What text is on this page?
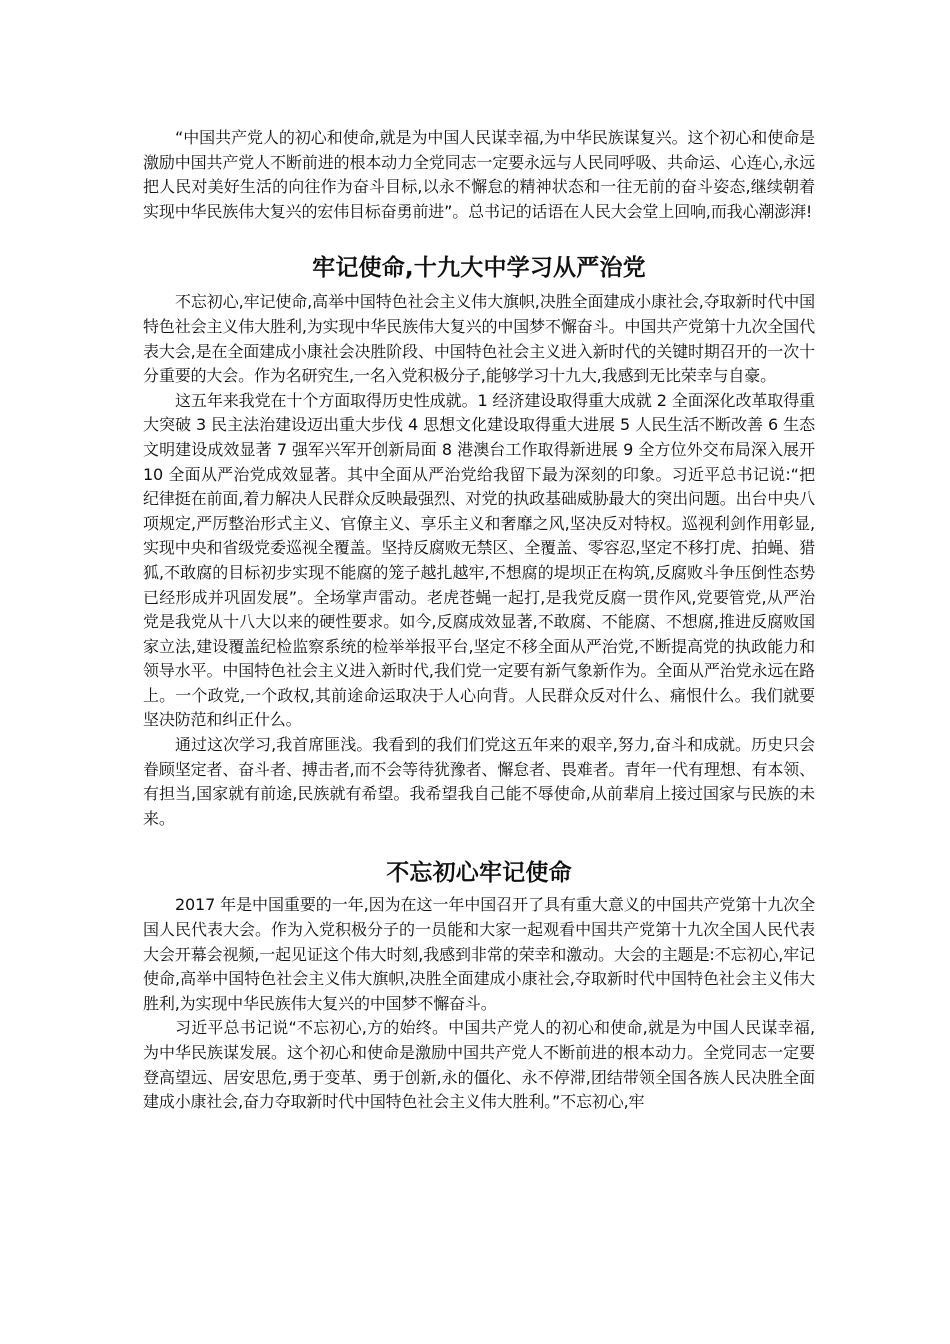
“中国共产党人的初心和使命,就是为中国人民谋幸福,为中华民族谋复兴。这个初心和使命是激励中国共产党人不断前进的根本动力全党同志一定要永远与人民同呼吸、共命运、心连心,永远把人民对美好生活的向往作为奋斗目标,以永不懈怠的精神状态和一往无前的奋斗姿态,继续朝着实现中华民族伟大复兴的宏伟目标奋勇前进”。总书记的话语在人民大会堂上回响,而我心潮澎湃!

牢记使命,十九大中学习从严治党

不忘初心,牢记使命,高举中国特色社会主义伟大旗帜,决胜全面建成小康社会,夺取新时代中国特色社会主义伟大胜利,为实现中华民族伟大复兴的中国梦不懈奋斗。中国共产党第十九次全国代表大会,是在全面建成小康社会决胜阶段、中国特色社会主义进入新时代的关键时期召开的一次十分重要的大会。作为名研究生,一名入党积极分子,能够学习十九大,我感到无比荣幸与自豪。

这五年来我党在十个方面取得历史性成就。1 经济建设取得重大成就 2 全面深化改革取得重大突破 3 民主法治建设迈出重大步伐 4 思想文化建设取得重大进展 5 人民生活不断改善 6 生态文明建设成效显著 7 强军兴军开创新局面 8 港澳台工作取得新进展 9 全方位外交布局深入展开 10 全面从严治党成效显著。其中全面从严治党给我留下最为深刻的印象。习近平总书记说:“把纪律挺在前面,着力解决人民群众反映最强烈、对党的执政基础威胁最大的突出问题。出台中央八项规定,严厉整治形式主义、官僚主义、享乐主义和奢靡之风,坚决反对特权。巡视利剑作用彰显,实现中央和省级党委巡视全覆盖。坚持反腐败无禁区、全覆盖、零容忍,坚定不移打虎、拍蝇、猎狐,不敢腐的目标初步实现不能腐的笼子越扎越牢,不想腐的堤坝正在构筑,反腐败斗争压倒性态势已经形成并巩固发展”。全场掌声雷动。老虎苍蝇一起打,是我党反腐一贯作风,党要管党,从严治党是我党从十八大以来的硬性要求。如今,反腐成效显著,不敢腐、不能腐、不想腐,推进反腐败国家立法,建设覆盖纪检监察系统的检举举报平台,坚定不移全面从严治党,不断提高党的执政能力和领导水平。中国特色社会主义进入新时代,我们党一定要有新气象新作为。全面从严治党永远在路上。一个政党,一个政权,其前途命运取决于人心向背。人民群众反对什么、痛恨什么。我们就要坚决防范和纠正什么。

通过这次学习,我首席匪浅。我看到的我们们党这五年来的艰辛,努力,奋斗和成就。历史只会眷顾坚定者、奋斗者、搏击者,而不会等待犹豫者、懈怠者、畏难者。青年一代有理想、有本领、有担当,国家就有前途,民族就有希望。我希望我自己能不辱使命,从前辈肩上接过国家与民族的未来。

不忘初心牢记使命

2017 年是中国重要的一年,因为在这一年中国召开了具有重大意义的中国共产党第十九次全国人民代表大会。作为入党积极分子的一员能和大家一起观看中国共产党第十九次全国人民代表大会开幕会视频,一起见证这个伟大时刻,我感到非常的荣幸和激动。大会的主题是:不忘初心,牢记使命,高举中国特色社会主义伟大旗帜,决胜全面建成小康社会,夺取新时代中国特色社会主义伟大胜利,为实现中华民族伟大复兴的中国梦不懈奋斗。

习近平总书记说“不忘初心,方的始终。中国共产党人的初心和使命,就是为中国人民谋幸福,为中华民族谋发展。这个初心和使命是激励中国共产党人不断前进的根本动力。全党同志一定要登高望远、居安思危,勇于变革、勇于创新,永的僵化、永不停滞,团结带领全国各族人民决胜全面建成小康社会,奋力夺取新时代中国特色社会主义伟大胜利。”不忘初心,牢
